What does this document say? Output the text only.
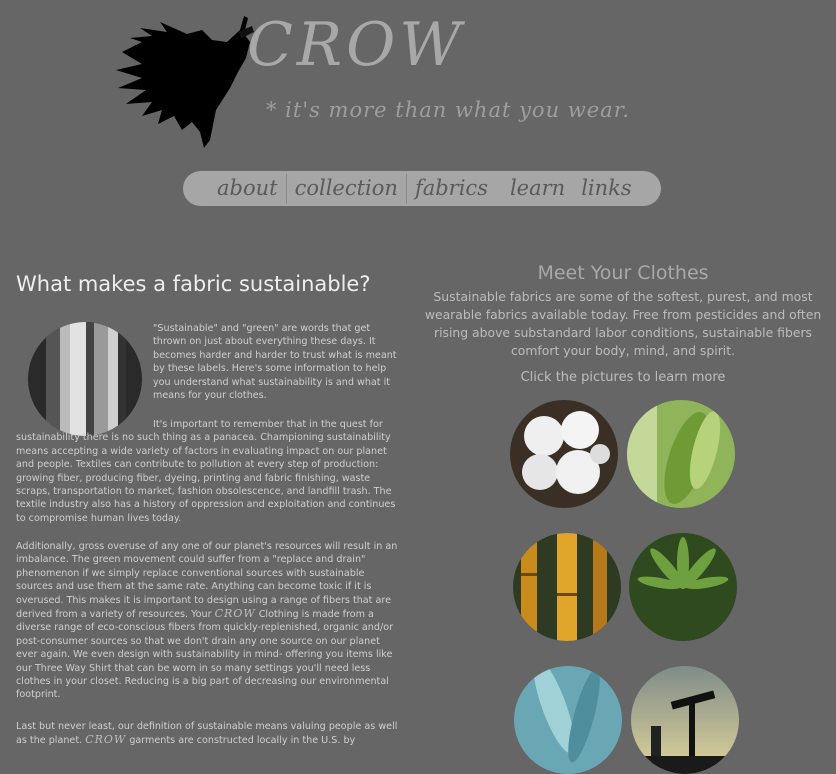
CROW
* it's more than what you wear.
about collection fabrics	learn links
What makes a fabric sustainable?

"Sustainable" and "green" are words that get thrown on just about everything these days. It becomes harder and harder to trust what is meant by these labels. Here's some information to help you understand what sustainability is and what it means for your clothes.

It's important to remember that in the quest for sustainability there is no such thing as a panacea. Championing sustainability means accepting a wide variety of factors in evaluating impact on our planet and people. Textiles can contribute to pollution at every step of production: growing fiber, producing fiber, dyeing, printing and fabric finishing, waste scraps, transportation to market, fashion obsolescence, and landfill trash. The textile industry also has a history of oppression and exploitation and continues to compromise human lives today.

Additionally, gross overuse of any one of our planet's resources will result in an imbalance. The green movement could suffer from a "replace and drain" phenomenon if we simply replace conventional sources with sustainable sources and use them at the same rate. Anything can become toxic if it is overused. This makes it is important to design using a range of fibers that are derived from a variety of resources. Your CROW Clothing is made from a diverse range of eco-conscious fibers from quickly-replenished, organic and/or post-consumer sources so that we don't drain any one source on our planet ever again. We even design with sustainability in mind- offering you items like our Three Way Shirt that can be worn in so many settings you'll need less clothes in your closet. Reducing is a big part of decreasing our environmental footprint.

Last but never least, our definition of sustainable means valuing people as well as the planet. CROW garments are constructed locally in the U.S. by

Meet Your Clothes

Sustainable fabrics are some of the softest, purest, and most wearable fabrics available today. Free from pesticides and often rising above substandard labor conditions, sustainable fibers comfort your body, mind, and spirit.

Click the pictures to learn more
